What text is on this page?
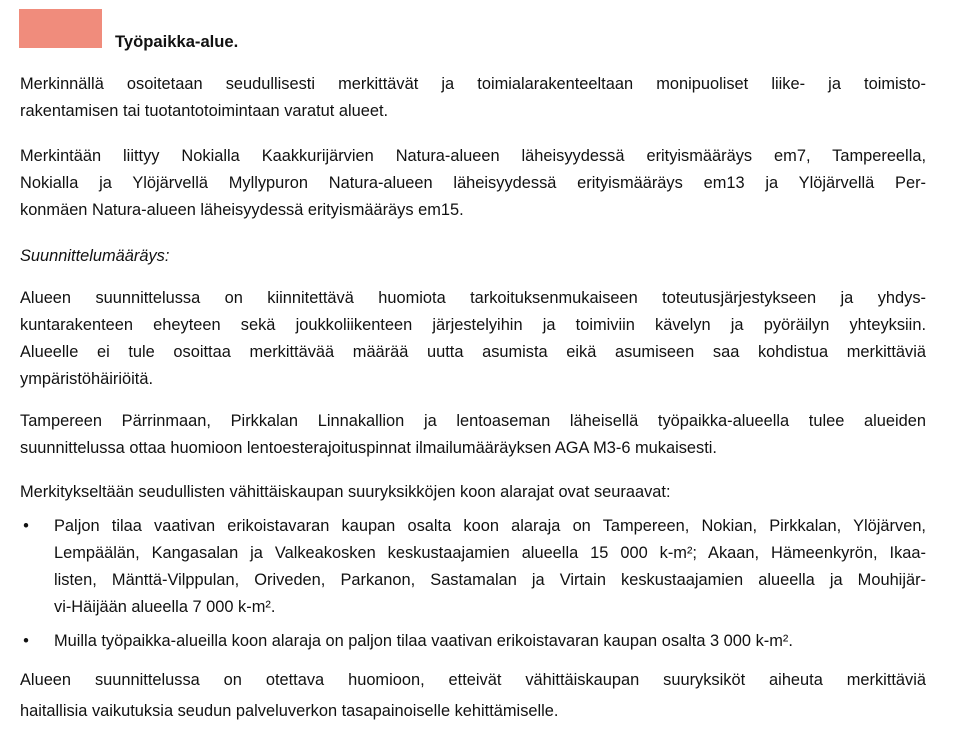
Työpaikka-alue.

Merkinnällä osoitetaan seudullisesti merkittävät ja toimialarakenteeltaan monipuoliset liike- ja toimisto-
rakentamisen tai tuotantotoimintaan varatut alueet.

Merkintään liittyy Nokialla Kaakkurijärvien Natura-alueen läheisyydessä erityismääräys em7, Tampereella,
Nokialla ja Ylöjärvellä Myllypuron Natura-alueen läheisyydessä erityismääräys em13 ja Ylöjärvellä Per-
konmäen Natura-alueen läheisyydessä erityismääräys em15.

Suunnittelumääräys:

Alueen suunnittelussa on kiinnitettävä huomiota tarkoituksenmukaiseen toteutusjärjestykseen ja yhdys-
kuntarakenteen eheyteen sekä joukkoliikenteen järjestelyihin ja toimiviin kävelyn ja pyöräilyn yhteyksiin.
Alueelle ei tule osoittaa merkittävää määrää uutta asumista eikä asumiseen saa kohdistua merkittäviä
ympäristöhäiriöitä.

Tampereen Pärrinmaan, Pirkkalan Linnakallion ja lentoaseman läheisellä työpaikka-alueella tulee alueiden
suunnittelussa ottaa huomioon lentoesterajoituspinnat ilmailumääräyksen AGA M3-6 mukaisesti.

Merkitykseltään seudullisten vähittäiskaupan suuryksikköjen koon alarajat ovat seuraavat:

• Paljon tilaa vaativan erikoistavaran kaupan osalta koon alaraja on Tampereen, Nokian, Pirkkalan, Ylöjärven,
Lempäälän, Kangasalan ja Valkeakosken keskustaajamien alueella 15 000 k-m²; Akaan, Hämeenkyrön, Ikaa-
listen, Mänttä-Vilppulan, Oriveden, Parkanon, Sastamalan ja Virtain keskustaajamien alueella ja Mouhijär-
vi-Häijään alueella 7 000 k-m².
• Muilla työpaikka-alueilla koon alaraja on paljon tilaa vaativan erikoistavaran kaupan osalta 3 000 k-m².

Alueen suunnittelussa on otettava huomioon, etteivät vähittäiskaupan suuryksiköt aiheuta merkittäviä
haitallisia vaikutuksia seudun palveluverkon tasapainoiselle kehittämiselle.
